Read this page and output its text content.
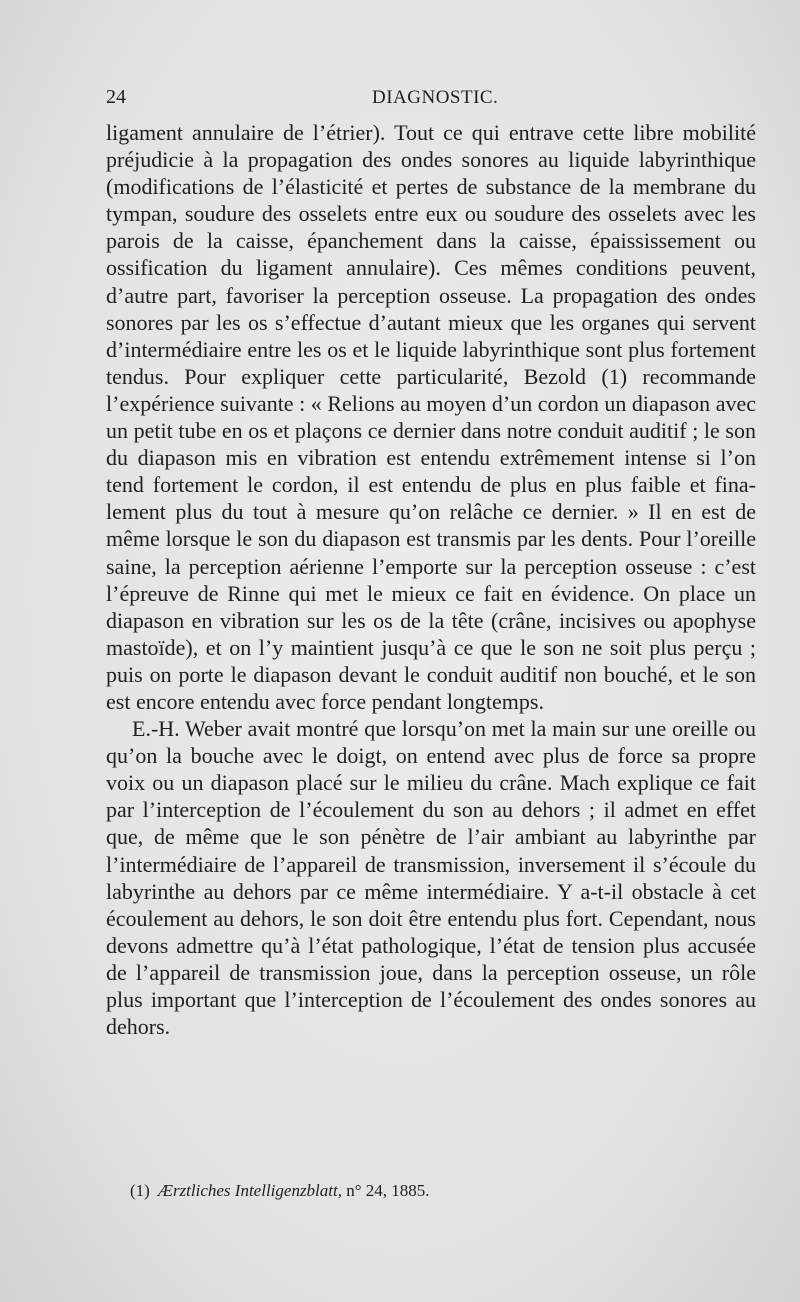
24	DIAGNOSTIC.

ligament annulaire de l’étrier). Tout ce qui entrave cette libre mobilité préjudicie à la propagation des ondes sonores au liquide labyrinthique (modifications de l’élasticité et pertes de substance de la membrane du tympan, soudure des osselets entre eux ou soudure des osselets avec les parois de la caisse, épanchement dans la caisse, épaississement ou ossification du ligament annulaire). Ces mêmes conditions peuvent, d’autre part, favoriser la perception osseuse. La propagation des ondes sonores par les os s’effectue d’autant mieux que les organes qui servent d’intermédiaire entre les os et le liquide labyrinthique sont plus fortement tendus. Pour expliquer cette particularité, Bezold (1) recommande l’expérience suivante : « Relions au moyen d’un cordon un diapason avec un petit tube en os et plaçons ce dernier dans notre conduit auditif ; le son du diapason mis en vibration est entendu extrêmement intense si l’on tend fortement le cordon, il est entendu de plus en plus faible et finalement plus du tout à mesure qu’on relâche ce dernier. » Il en est de même lorsque le son du diapason est transmis par les dents. Pour l’oreille saine, la perception aérienne l’emporte sur la perception osseuse : c’est l’épreuve de Rinne qui met le mieux ce fait en évidence. On place un diapason en vibration sur les os de la tête (crâne, incisives ou apophyse mastoïde), et on l’y maintient jusqu’à ce que le son ne soit plus perçu ; puis on porte le diapason devant le conduit auditif non bouché, et le son est encore entendu avec force pendant longtemps.

E.-H. Weber avait montré que lorsqu’on met la main sur une oreille ou qu’on la bouche avec le doigt, on entend avec plus de force sa propre voix ou un diapason placé sur le milieu du crâne. Mach explique ce fait par l’interception de l’écoulement du son au dehors ; il admet en effet que, de même que le son pénètre de l’air ambiant au labyrinthe par l’intermédiaire de l’appareil de transmission, inversement il s’écoule du labyrinthe au dehors par ce même intermédiaire. Y a-t-il obstacle à cet écoulement au dehors, le son doit être entendu plus fort. Cependant, nous devons admettre qu’à l’état pathologique, l’état de tension plus accusée de l’appareil de transmission joue, dans la perception osseuse, un rôle plus important que l’interception de l’écoulement des ondes sonores au dehors.

(1) Ærztliches Intelligenzblatt, n° 24, 1885.
